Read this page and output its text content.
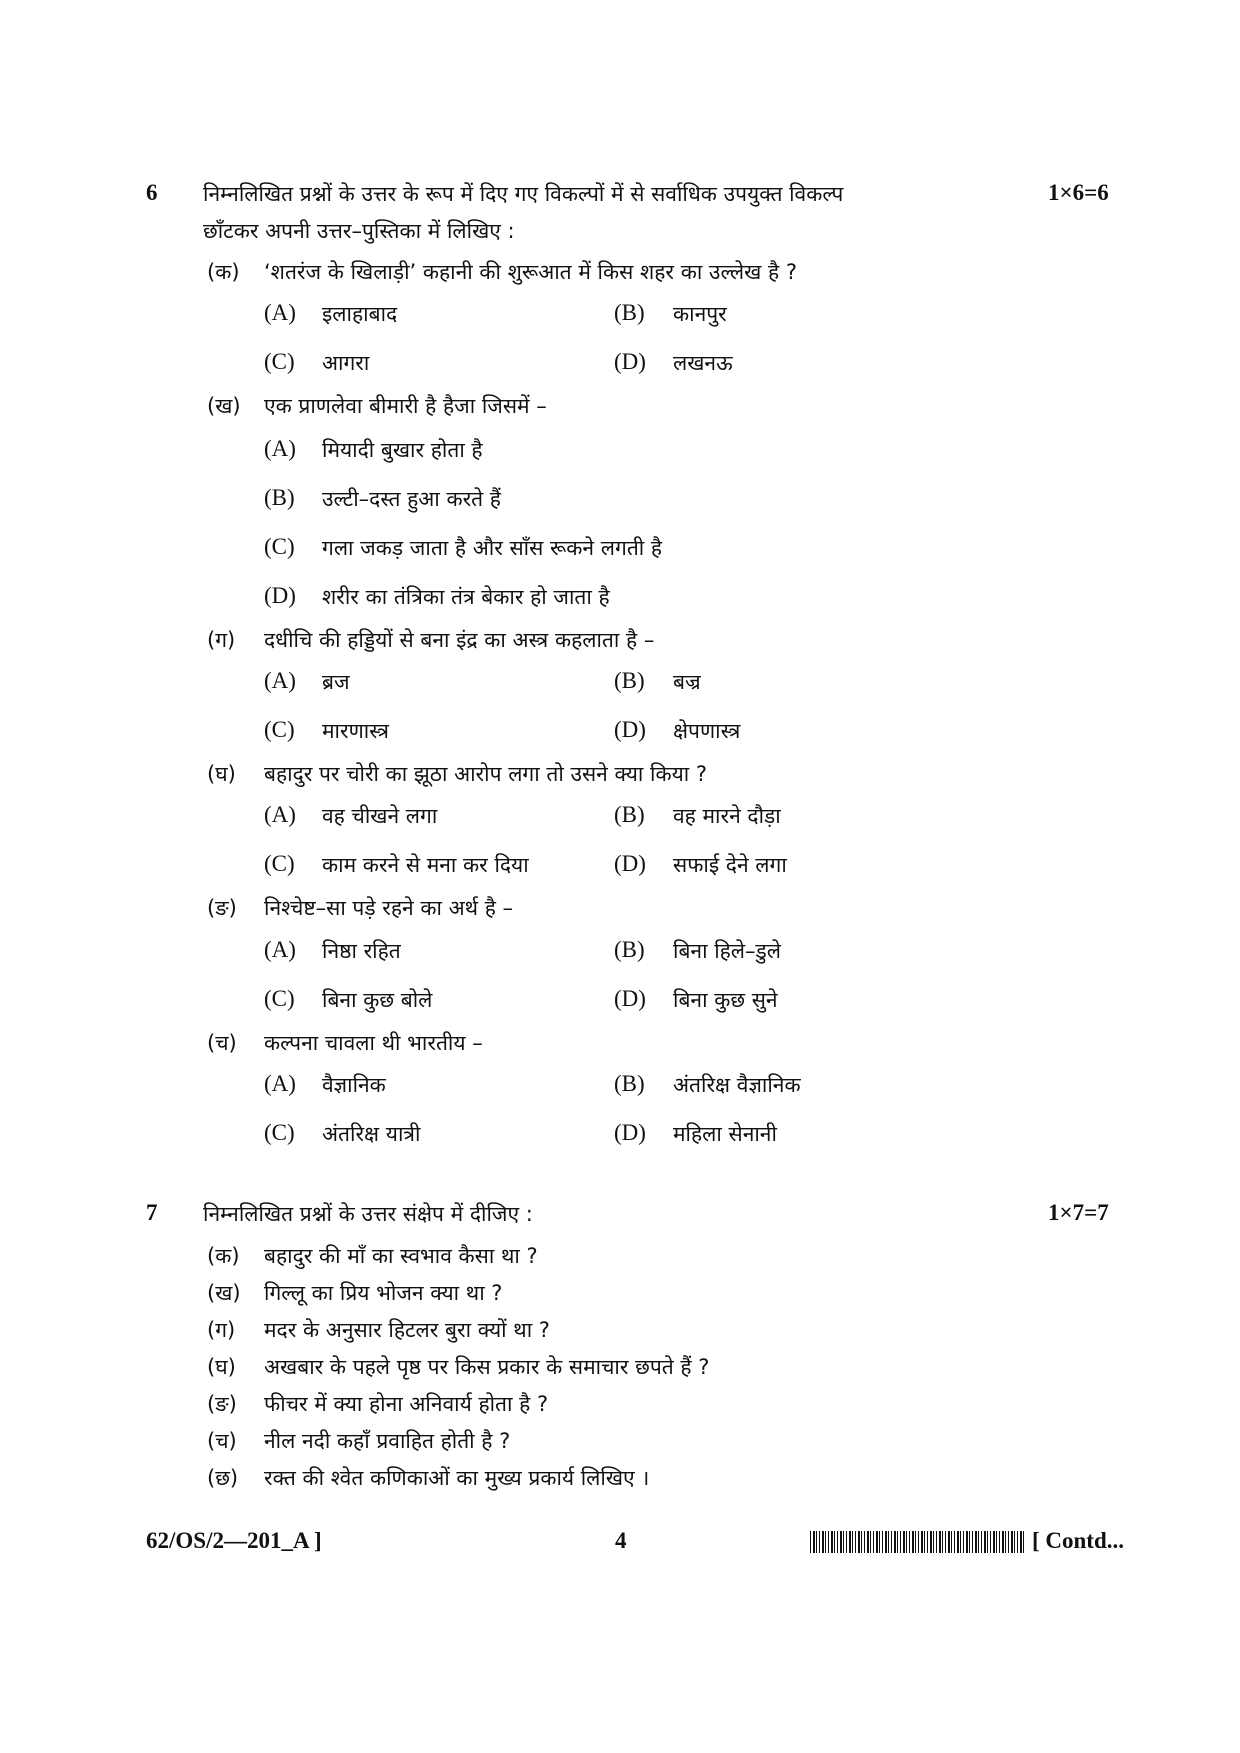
6 निम्नलिखित प्रश्नों के उत्तर के रूप में दिए गए विकल्पों में से सर्वाधिक उपयुक्त विकल्प	1×6=6
छाँटकर अपनी उत्तर–पुस्तिका में लिखिए :
(क) ‘शतरंज के खिलाड़ी’ कहानी की शुरूआत में किस शहर का उल्लेख है ?
(A) इलाहाबाद	(B) कानपुर
(C) आगरा	(D) लखनऊ
(ख) एक प्राणलेवा बीमारी है हैजा जिसमें –
(A) मियादी बुखार होता है
(B) उल्टी–दस्त हुआ करते हैं
(C) गला जकड़ जाता है और साँस रूकने लगती है
(D) शरीर का तंत्रिका तंत्र बेकार हो जाता है
(ग) दधीचि की हड्डियों से बना इंद्र का अस्त्र कहलाता है –
(A) ब्रज	(B) बज्र
(C) मारणास्त्र	(D) क्षेपणास्त्र
(घ) बहादुर पर चोरी का झूठा आरोप लगा तो उसने क्या किया ?
(A) वह चीखने लगा	(B) वह मारने दौड़ा
(C) काम करने से मना कर दिया	(D) सफाई देने लगा
(ङ) निश्चेष्ट–सा पड़े रहने का अर्थ है –
(A) निष्ठा रहित	(B) बिना हिले–डुले
(C) बिना कुछ बोले	(D) बिना कुछ सुने
(च) कल्पना चावला थी भारतीय –
(A) वैज्ञानिक	(B) अंतरिक्ष वैज्ञानिक
(C) अंतरिक्ष यात्री	(D) महिला सेनानी
7 निम्नलिखित प्रश्नों के उत्तर संक्षेप में दीजिए :	1×7=7
(क) बहादुर की माँ का स्वभाव कैसा था ?
(ख) गिल्लू का प्रिय भोजन क्या था ?
(ग) मदर के अनुसार हिटलर बुरा क्यों था ?
(घ) अखबार के पहले पृष्ठ पर किस प्रकार के समाचार छपते हैं ?
(ङ) फीचर में क्या होना अनिवार्य होता है ?
(च) नील नदी कहाँ प्रवाहित होती है ?
(छ) रक्त की श्वेत कणिकाओं का मुख्य प्रकार्य लिखिए ।
62/OS/2—201_A ]	4	[ Contd...
